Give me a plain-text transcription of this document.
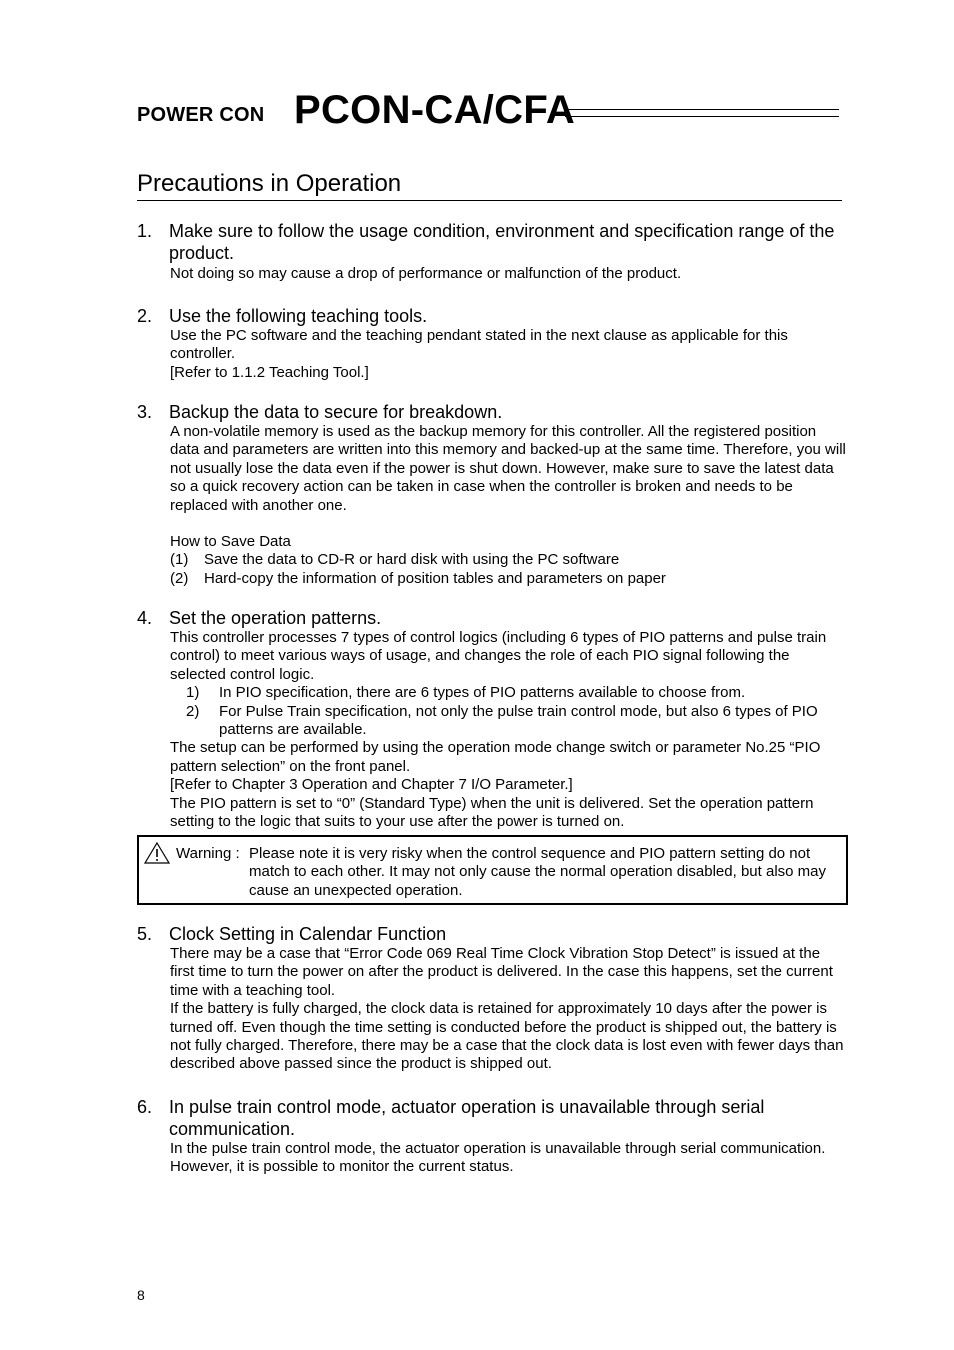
POWER CON PCON-CA/CFA
Precautions in Operation
1. Make sure to follow the usage condition, environment and specification range of the product.

Not doing so may cause a drop of performance or malfunction of the product.

2. Use the following teaching tools.

Use the PC software and the teaching pendant stated in the next clause as applicable for this controller.

[Refer to 1.1.2 Teaching Tool.]

3. Backup the data to secure for breakdown.

A non-volatile memory is used as the backup memory for this controller. All the registered position data and parameters are written into this memory and backed-up at the same time. Therefore, you will not usually lose the data even if the power is shut down. However, make sure to save the latest data so a quick recovery action can be taken in case when the controller is broken and needs to be replaced with another one.

How to Save Data

(1) Save the data to CD-R or hard disk with using the PC software
(2) Hard-copy the information of position tables and parameters on paper
4. Set the operation patterns.

This controller processes 7 types of control logics (including 6 types of PIO patterns and pulse train control) to meet various ways of usage, and changes the role of each PIO signal following the selected control logic.

1) In PIO specification, there are 6 types of PIO patterns available to choose from.
2) For Pulse Train specification, not only the pulse train control mode, but also 6 types of PIO patterns are available.

The setup can be performed by using the operation mode change switch or parameter No.25 “PIO pattern selection” on the front panel.

[Refer to Chapter 3 Operation and Chapter 7 I/O Parameter.]

The PIO pattern is set to “0” (Standard Type) when the unit is delivered. Set the operation pattern setting to the logic that suits to your use after the power is turned on.

Warning : Please note it is very risky when the control sequence and PIO pattern setting do not match to each other. It may not only cause the normal operation disabled, but also may cause an unexpected operation.
5. Clock Setting in Calendar Function

There may be a case that “Error Code 069 Real Time Clock Vibration Stop Detect” is issued at the first time to turn the power on after the product is delivered. In the case this happens, set the current time with a teaching tool.

If the battery is fully charged, the clock data is retained for approximately 10 days after the power is turned off. Even though the time setting is conducted before the product is shipped out, the battery is not fully charged. Therefore, there may be a case that the clock data is lost even with fewer days than described above passed since the product is shipped out.

6. In pulse train control mode, actuator operation is unavailable through serial communication.

In the pulse train control mode, the actuator operation is unavailable through serial communication. However, it is possible to monitor the current status.

8
